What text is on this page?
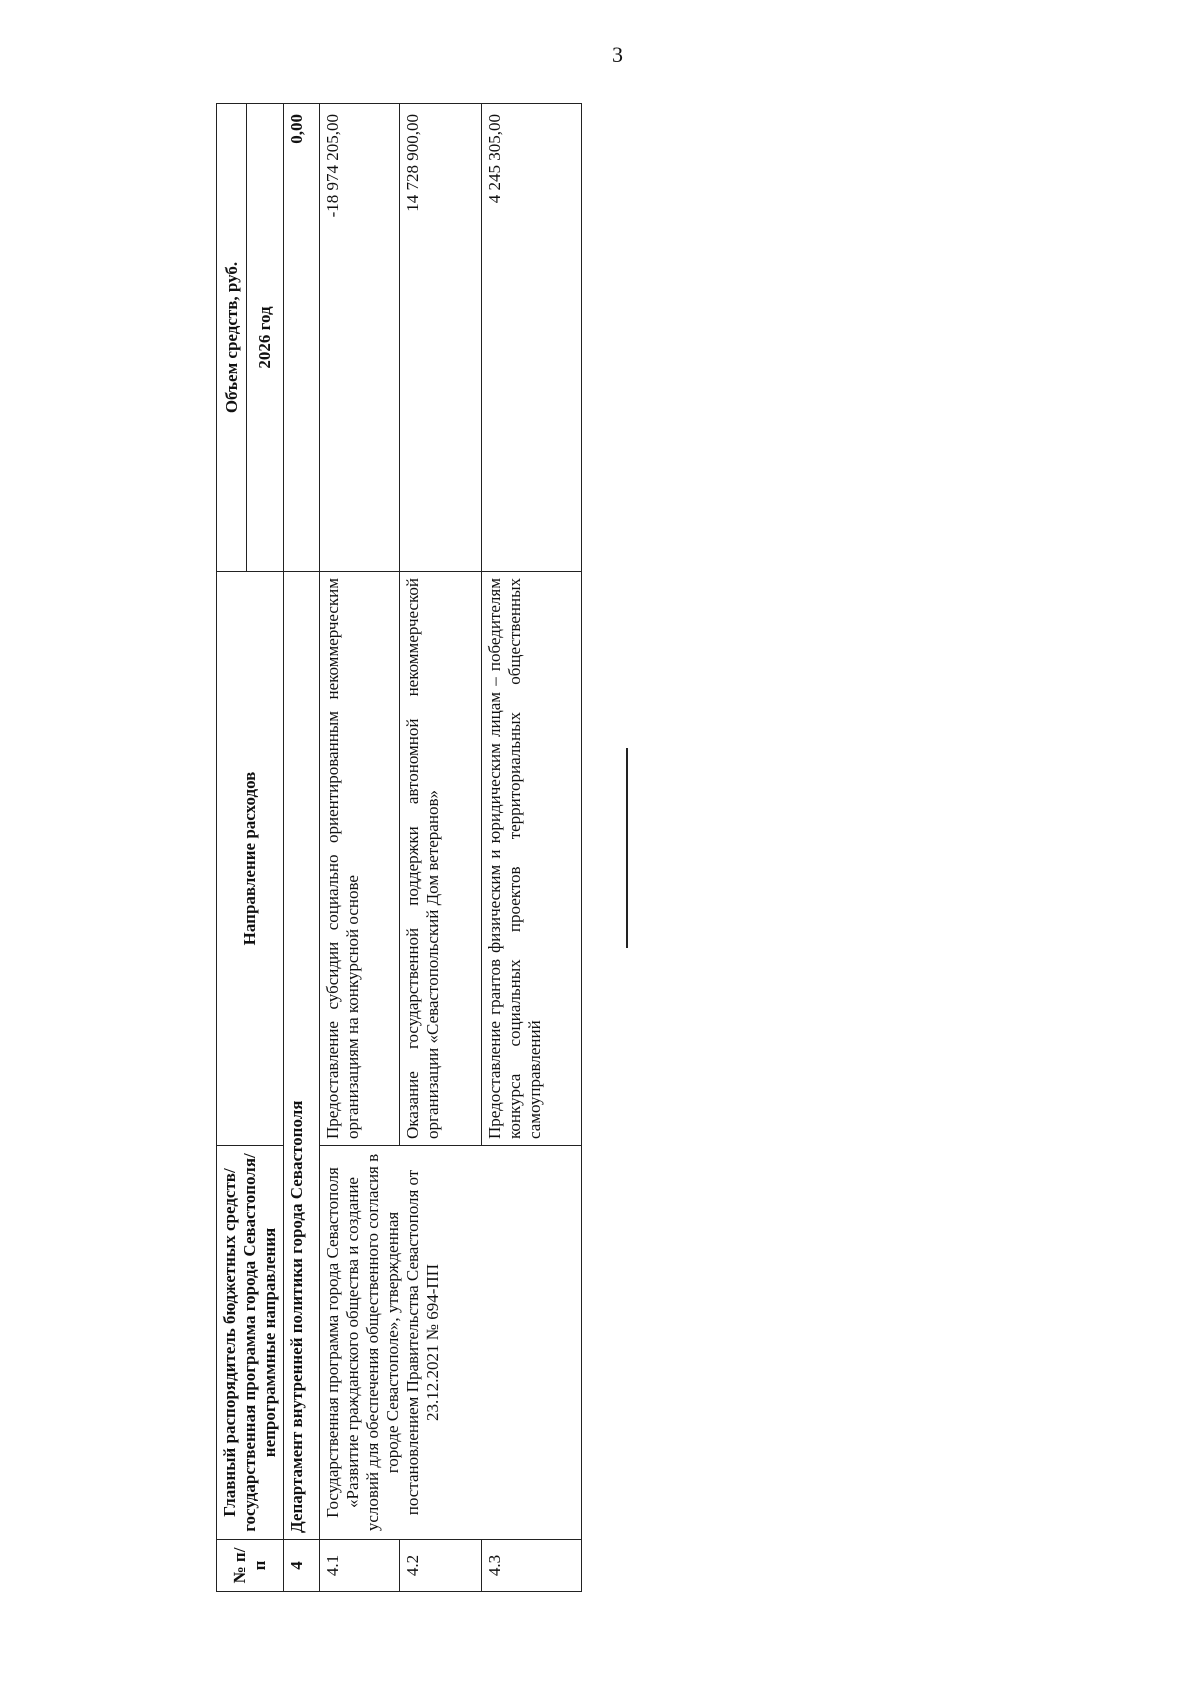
3
№ п/п	Главный распорядитель бюджетных средств/государственная программа города Севастополя/непрограммные направления	Направление расходов	Объем средств, руб.
			2026 год
4	Департамент внутренней политики города Севастополя		0,00
4.1	Государственная программа города Севастополя «Развитие гражданского общества и создание условий для обеспечения общественного согласия в городе Севастополе», утвержденная постановлением Правительства Севастополя от 23.12.2021 № 694-ПП	Предоставление субсидии социально ориентированным некоммерческим организациям на конкурсной основе	-18 974 205,00
4.2		Оказание государственной поддержки автономной некоммерческой организации «Севастопольский Дом ветеранов»	14 728 900,00
4.3		Предоставление грантов физическим и юридическим лицам – победителям конкурса социальных проектов территориальных общественных самоуправлений	4 245 305,00
